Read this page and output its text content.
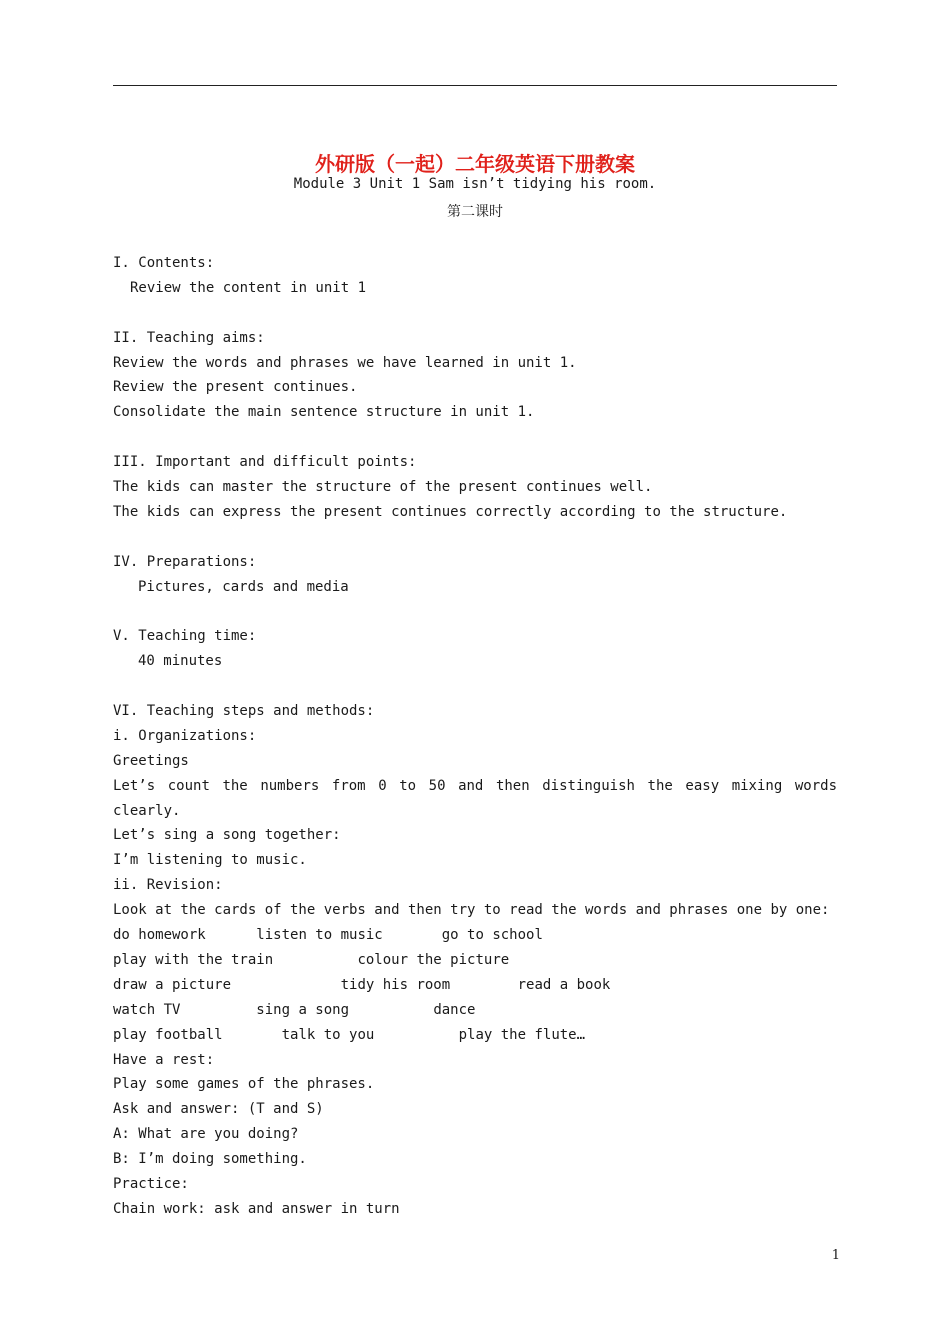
外研版（一起）二年级英语下册教案
Module 3 Unit 1 Sam isn’t tidying his room.
第二课时
I. Contents:
Review the content in unit 1
II. Teaching aims:
Review the words and phrases we have learned in unit 1.
Review the present continues.
Consolidate the main sentence structure in unit 1.
III. Important and difficult points:
The kids can master the structure of the present continues well.
The kids can express the present continues correctly according to the structure.
IV. Preparations:
Pictures, cards and media
V. Teaching time:
40 minutes
VI. Teaching steps and methods:
i. Organizations:
Greetings
Let’s count the numbers from 0 to 50 and then distinguish the easy mixing words
clearly.
Let’s sing a song together:
I’m listening to music.
ii. Revision:
Look at the cards of the verbs and then try to read the words and phrases one by one:
do homework	listen to music	go to school
play with the train	colour the picture
draw a picture	tidy his room	read a book
watch TV	sing a song	dance
play football	talk to you	play the flute…
Have a rest:
Play some games of the phrases.
Ask and answer: (T and S)
A: What are you doing?
B: I’m doing something.
Practice:
Chain work: ask and answer in turn
1
